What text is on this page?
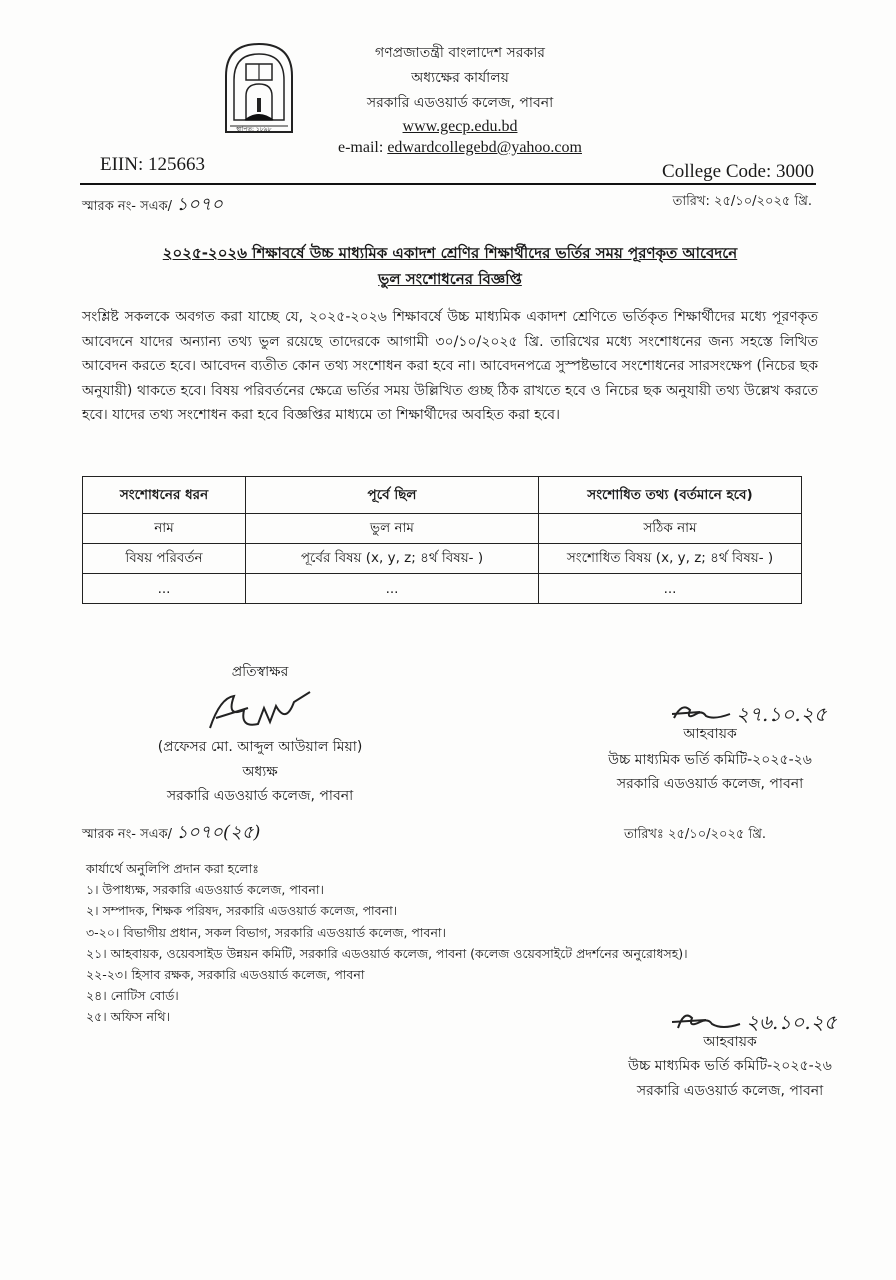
স্থাপিত: ১৮৯৮
গণপ্রজাতন্ত্রী বাংলাদেশ সরকার
অধ্যক্ষের কার্যালয়
সরকারি এডওয়ার্ড কলেজ, পাবনা
www.gecp.edu.bd
e-mail: edwardcollegebd@yahoo.com
EIIN: 125663	College Code: 3000
স্মারক নং- সএক/ ১০৭০	তারিখ: ২৫/১০/২০২৫ খ্রি.
২০২৫-২০২৬ শিক্ষাবর্ষে উচ্চ মাধ্যমিক একাদশ শ্রেণির শিক্ষার্থীদের ভর্তির সময় পূরণকৃত আবেদনে
ভুল সংশোধনের বিজ্ঞপ্তি
সংশ্লিষ্ট সকলকে অবগত করা যাচ্ছে যে, ২০২৫-২০২৬ শিক্ষাবর্ষে উচ্চ মাধ্যমিক একাদশ শ্রেণিতে ভর্তিকৃত শিক্ষার্থীদের মধ্যে পূরণকৃত আবেদনে যাদের অন্যান্য তথ্য ভুল রয়েছে তাদেরকে আগামী ৩০/১০/২০২৫ খ্রি. তারিখের মধ্যে সংশোধনের জন্য সহস্তে লিখিত আবেদন করতে হবে। আবেদন ব্যতীত কোন তথ্য সংশোধন করা হবে না। আবেদনপত্রে সুস্পষ্টভাবে সংশোধনের সারসংক্ষেপ (নিচের ছক অনুযায়ী) থাকতে হবে। বিষয় পরিবর্তনের ক্ষেত্রে ভর্তির সময় উল্লিখিত গুচ্ছ ঠিক রাখতে হবে ও নিচের ছক অনুযায়ী তথ্য উল্লেখ করতে হবে। যাদের তথ্য সংশোধন করা হবে বিজ্ঞপ্তির মাধ্যমে তা শিক্ষার্থীদের অবহিত করা হবে।
সংশোধনের ধরন	পূর্বে ছিল	সংশোধিত তথ্য (বর্তমানে হবে)
নাম	ভুল নাম	সঠিক নাম
বিষয় পরিবর্তন	পূর্বের বিষয় (x, y, z; ৪র্থ বিষয়- )	সংশোধিত বিষয় (x, y, z; ৪র্থ বিষয়- )
...	...	...
প্রতিস্বাক্ষর
(প্রফেসর মো. আব্দুল আউয়াল মিয়া)
অধ্যক্ষ
সরকারি এডওয়ার্ড কলেজ, পাবনা
২৭.১০.২৫
আহবায়ক
উচ্চ মাধ্যমিক ভর্তি কমিটি-২০২৫-২৬
সরকারি এডওয়ার্ড কলেজ, পাবনা
স্মারক নং- সএক/ ১০৭০(২৫)	তারিখঃ ২৫/১০/২০২৫ খ্রি.
কার্যার্থে অনুলিপি প্রদান করা হলোঃ
১। উপাধ্যক্ষ, সরকারি এডওয়ার্ড কলেজ, পাবনা।
২। সম্পাদক, শিক্ষক পরিষদ, সরকারি এডওয়ার্ড কলেজ, পাবনা।
৩-২০। বিভাগীয় প্রধান, সকল বিভাগ, সরকারি এডওয়ার্ড কলেজ, পাবনা।
২১। আহবায়ক, ওয়েবসাইড উন্নয়ন কমিটি, সরকারি এডওয়ার্ড কলেজ, পাবনা (কলেজ ওয়েবসাইটে প্রদর্শনের অনুরোধসহ)।
২২-২৩। হিসাব রক্ষক, সরকারি এডওয়ার্ড কলেজ, পাবনা
২৪। নোটিস বোর্ড।
২৫। অফিস নথি।	২৬.১০.২৫
আহবায়ক
উচ্চ মাধ্যমিক ভর্তি কমিটি-২০২৫-২৬
সরকারি এডওয়ার্ড কলেজ, পাবনা
